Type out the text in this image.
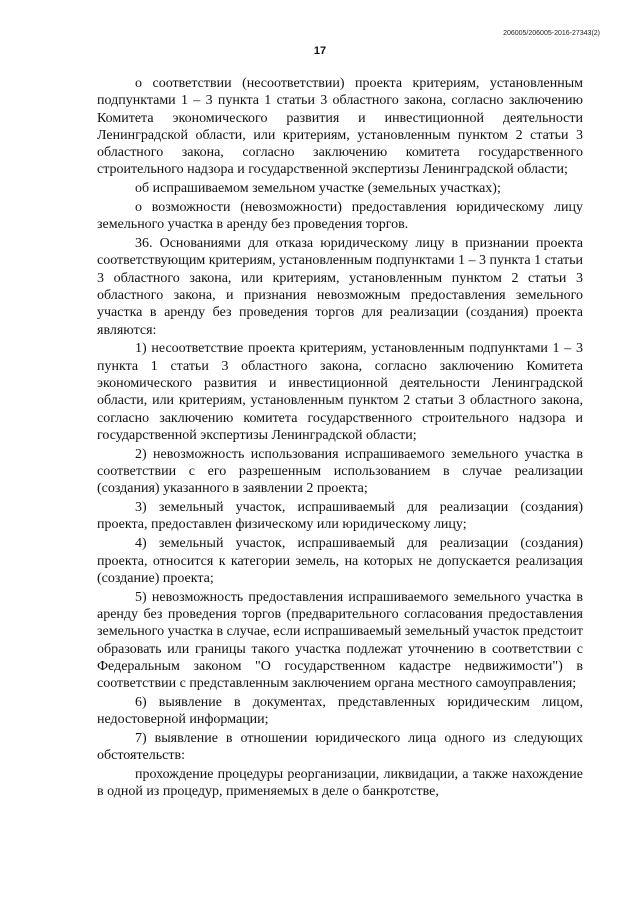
206005/206005-2016-27343(2)
17

о соответствии (несоответствии) проекта критериям, установленным подпунктами 1 – 3 пункта 1 статьи 3 областного закона, согласно заключению Комитета экономического развития и инвестиционной деятельности Ленинградской области, или критериям, установленным пунктом 2 статьи 3 областного закона, согласно заключению комитета государственного строительного надзора и государственной экспертизы Ленинградской области;

об испрашиваемом земельном участке (земельных участках);

о возможности (невозможности) предоставления юридическому лицу земельного участка в аренду без проведения торгов.

36. Основаниями для отказа юридическому лицу в признании проекта соответствующим критериям, установленным подпунктами 1 – 3 пункта 1 статьи 3 областного закона, или критериям, установленным пунктом 2 статьи 3 областного закона, и признания невозможным предоставления земельного участка в аренду без проведения торгов для реализации (создания) проекта являются:

1) несоответствие проекта критериям, установленным подпунктами 1 – 3 пункта 1 статьи 3 областного закона, согласно заключению Комитета экономического развития и инвестиционной деятельности Ленинградской области, или критериям, установленным пунктом 2 статьи 3 областного закона, согласно заключению комитета государственного строительного надзора и государственной экспертизы Ленинградской области;

2) невозможность использования испрашиваемого земельного участка в соответствии с его разрешенным использованием в случае реализации (создания) указанного в заявлении 2 проекта;

3) земельный участок, испрашиваемый для реализации (создания) проекта, предоставлен физическому или юридическому лицу;

4) земельный участок, испрашиваемый для реализации (создания) проекта, относится к категории земель, на которых не допускается реализация (создание) проекта;

5) невозможность предоставления испрашиваемого земельного участка в аренду без проведения торгов (предварительного согласования предоставления земельного участка в случае, если испрашиваемый земельный участок предстоит образовать или границы такого участка подлежат уточнению в соответствии с Федеральным законом "О государственном кадастре недвижимости") в соответствии с представленным заключением органа местного самоуправления;

6) выявление в документах, представленных юридическим лицом, недостоверной информации;

7) выявление в отношении юридического лица одного из следующих обстоятельств:

прохождение процедуры реорганизации, ликвидации, а также нахождение в одной из процедур, применяемых в деле о банкротстве,
